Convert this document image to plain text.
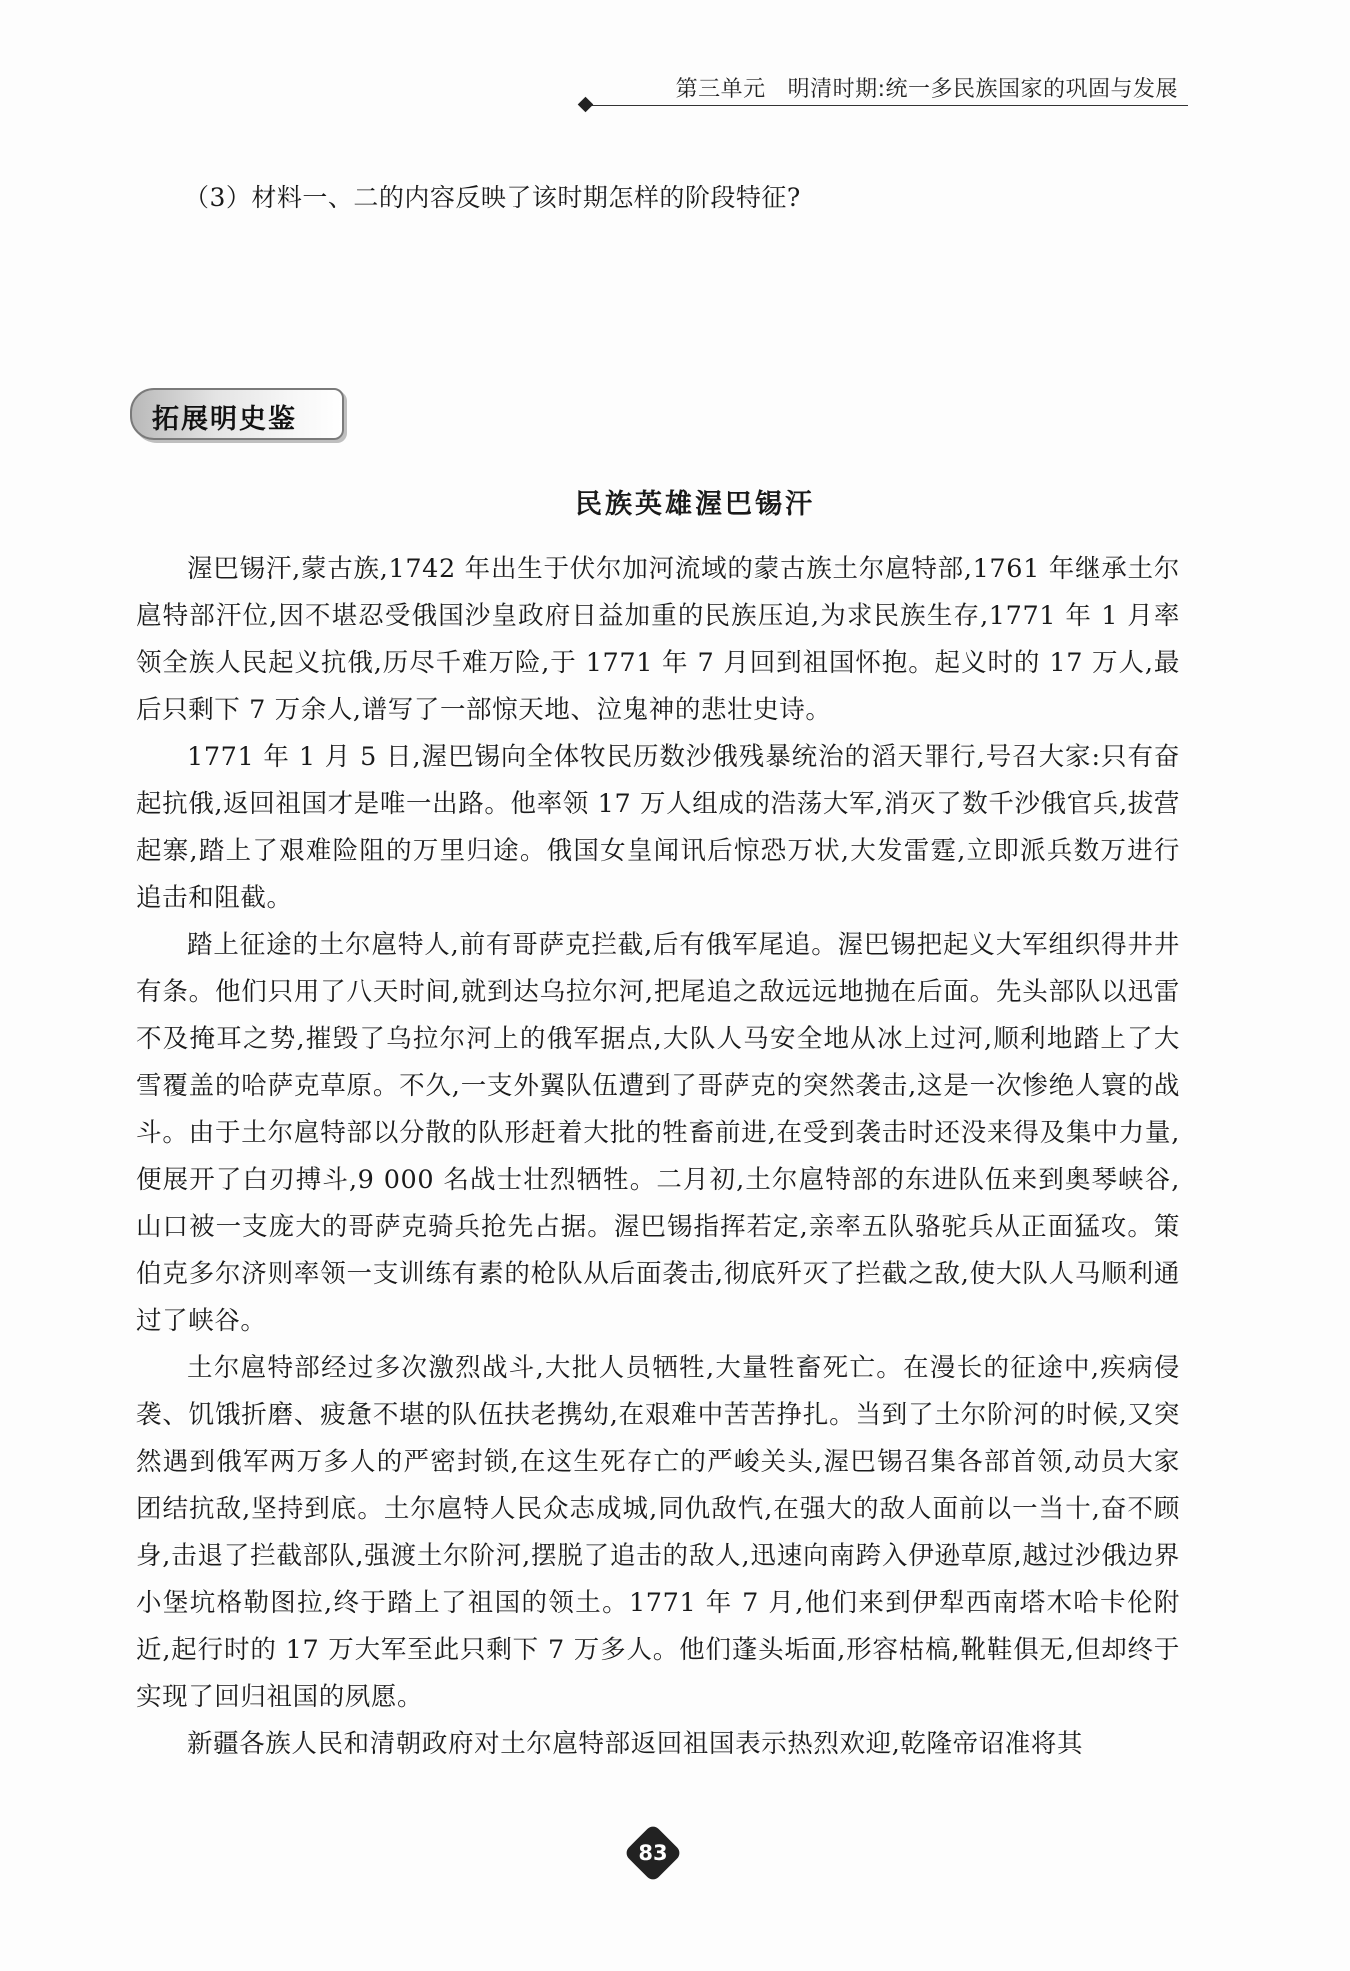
第三单元 明清时期:统一多民族国家的巩固与发展
（3）材料一、二的内容反映了该时期怎样的阶段特征?
拓展明史鉴
民族英雄渥巴锡汗

渥巴锡汗,蒙古族,1742 年出生于伏尔加河流域的蒙古族土尔扈特部,1761 年继承土尔扈特部汗位,因不堪忍受俄国沙皇政府日益加重的民族压迫,为求民族生存,1771 年 1 月率领全族人民起义抗俄,历尽千难万险,于 1771 年 7 月回到祖国怀抱。起义时的 17 万人,最后只剩下 7 万余人,谱写了一部惊天地、泣鬼神的悲壮史诗。

1771 年 1 月 5 日,渥巴锡向全体牧民历数沙俄残暴统治的滔天罪行,号召大家:只有奋起抗俄,返回祖国才是唯一出路。他率领 17 万人组成的浩荡大军,消灭了数千沙俄官兵,拔营起寨,踏上了艰难险阻的万里归途。俄国女皇闻讯后惊恐万状,大发雷霆,立即派兵数万进行追击和阻截。

踏上征途的土尔扈特人,前有哥萨克拦截,后有俄军尾追。渥巴锡把起义大军组织得井井有条。他们只用了八天时间,就到达乌拉尔河,把尾追之敌远远地抛在后面。先头部队以迅雷不及掩耳之势,摧毁了乌拉尔河上的俄军据点,大队人马安全地从冰上过河,顺利地踏上了大雪覆盖的哈萨克草原。不久,一支外翼队伍遭到了哥萨克的突然袭击,这是一次惨绝人寰的战斗。由于土尔扈特部以分散的队形赶着大批的牲畜前进,在受到袭击时还没来得及集中力量,便展开了白刃搏斗,9 000 名战士壮烈牺牲。二月初,土尔扈特部的东进队伍来到奥琴峡谷,山口被一支庞大的哥萨克骑兵抢先占据。渥巴锡指挥若定,亲率五队骆驼兵从正面猛攻。策伯克多尔济则率领一支训练有素的枪队从后面袭击,彻底歼灭了拦截之敌,使大队人马顺利通过了峡谷。

土尔扈特部经过多次激烈战斗,大批人员牺牲,大量牲畜死亡。在漫长的征途中,疾病侵袭、饥饿折磨、疲惫不堪的队伍扶老携幼,在艰难中苦苦挣扎。当到了土尔阶河的时候,又突然遇到俄军两万多人的严密封锁,在这生死存亡的严峻关头,渥巴锡召集各部首领,动员大家团结抗敌,坚持到底。土尔扈特人民众志成城,同仇敌忾,在强大的敌人面前以一当十,奋不顾身,击退了拦截部队,强渡土尔阶河,摆脱了追击的敌人,迅速向南跨入伊逊草原,越过沙俄边界小堡坑格勒图拉,终于踏上了祖国的领土。1771 年 7 月,他们来到伊犁西南塔木哈卡伦附近,起行时的 17 万大军至此只剩下 7 万多人。他们蓬头垢面,形容枯槁,靴鞋俱无,但却终于实现了回归祖国的夙愿。

新疆各族人民和清朝政府对土尔扈特部返回祖国表示热烈欢迎,乾隆帝诏准将其

83
